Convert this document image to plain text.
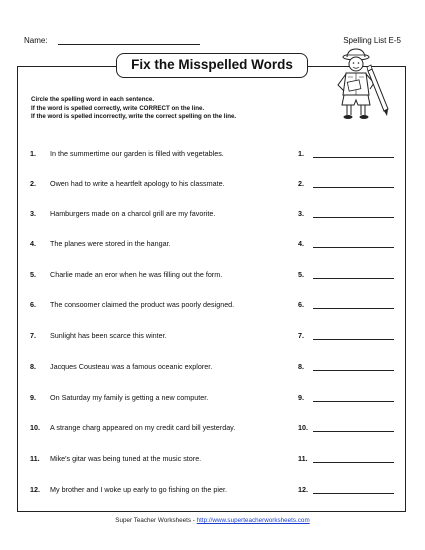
Name:	Spelling List E-5
Fix the Misspelled Words
Circle the spelling word in each sentence.
If the word is spelled correctly, write CORRECT on the line.
If the word is spelled incorrectly, write the correct spelling on the line.
1. In the summertime our garden is filled with vegetables.	1.
2. Owen had to write a heartfelt apology to his classmate.	2.
3. Hamburgers made on a charcol grill are my favorite.	3.
4. The planes were stored in the hangar.	4.
5. Charlie made an eror when he was filling out the form.	5.
6. The consoomer claimed the product was poorly designed.	6.
7. Sunlight has been scarce this winter.	7.
8. Jacques Cousteau was a famous oceanic explorer.	8.
9. On Saturday my family is getting a new computer.	9.
10. A strange charg appeared on my credit card bill yesterday.	10.
11. Mike's gitar was being tuned at the music store.	11.
12. My brother and I woke up early to go fishing on the pier.	12.
Super Teacher Worksheets - http://www.superteacherworksheets.com
